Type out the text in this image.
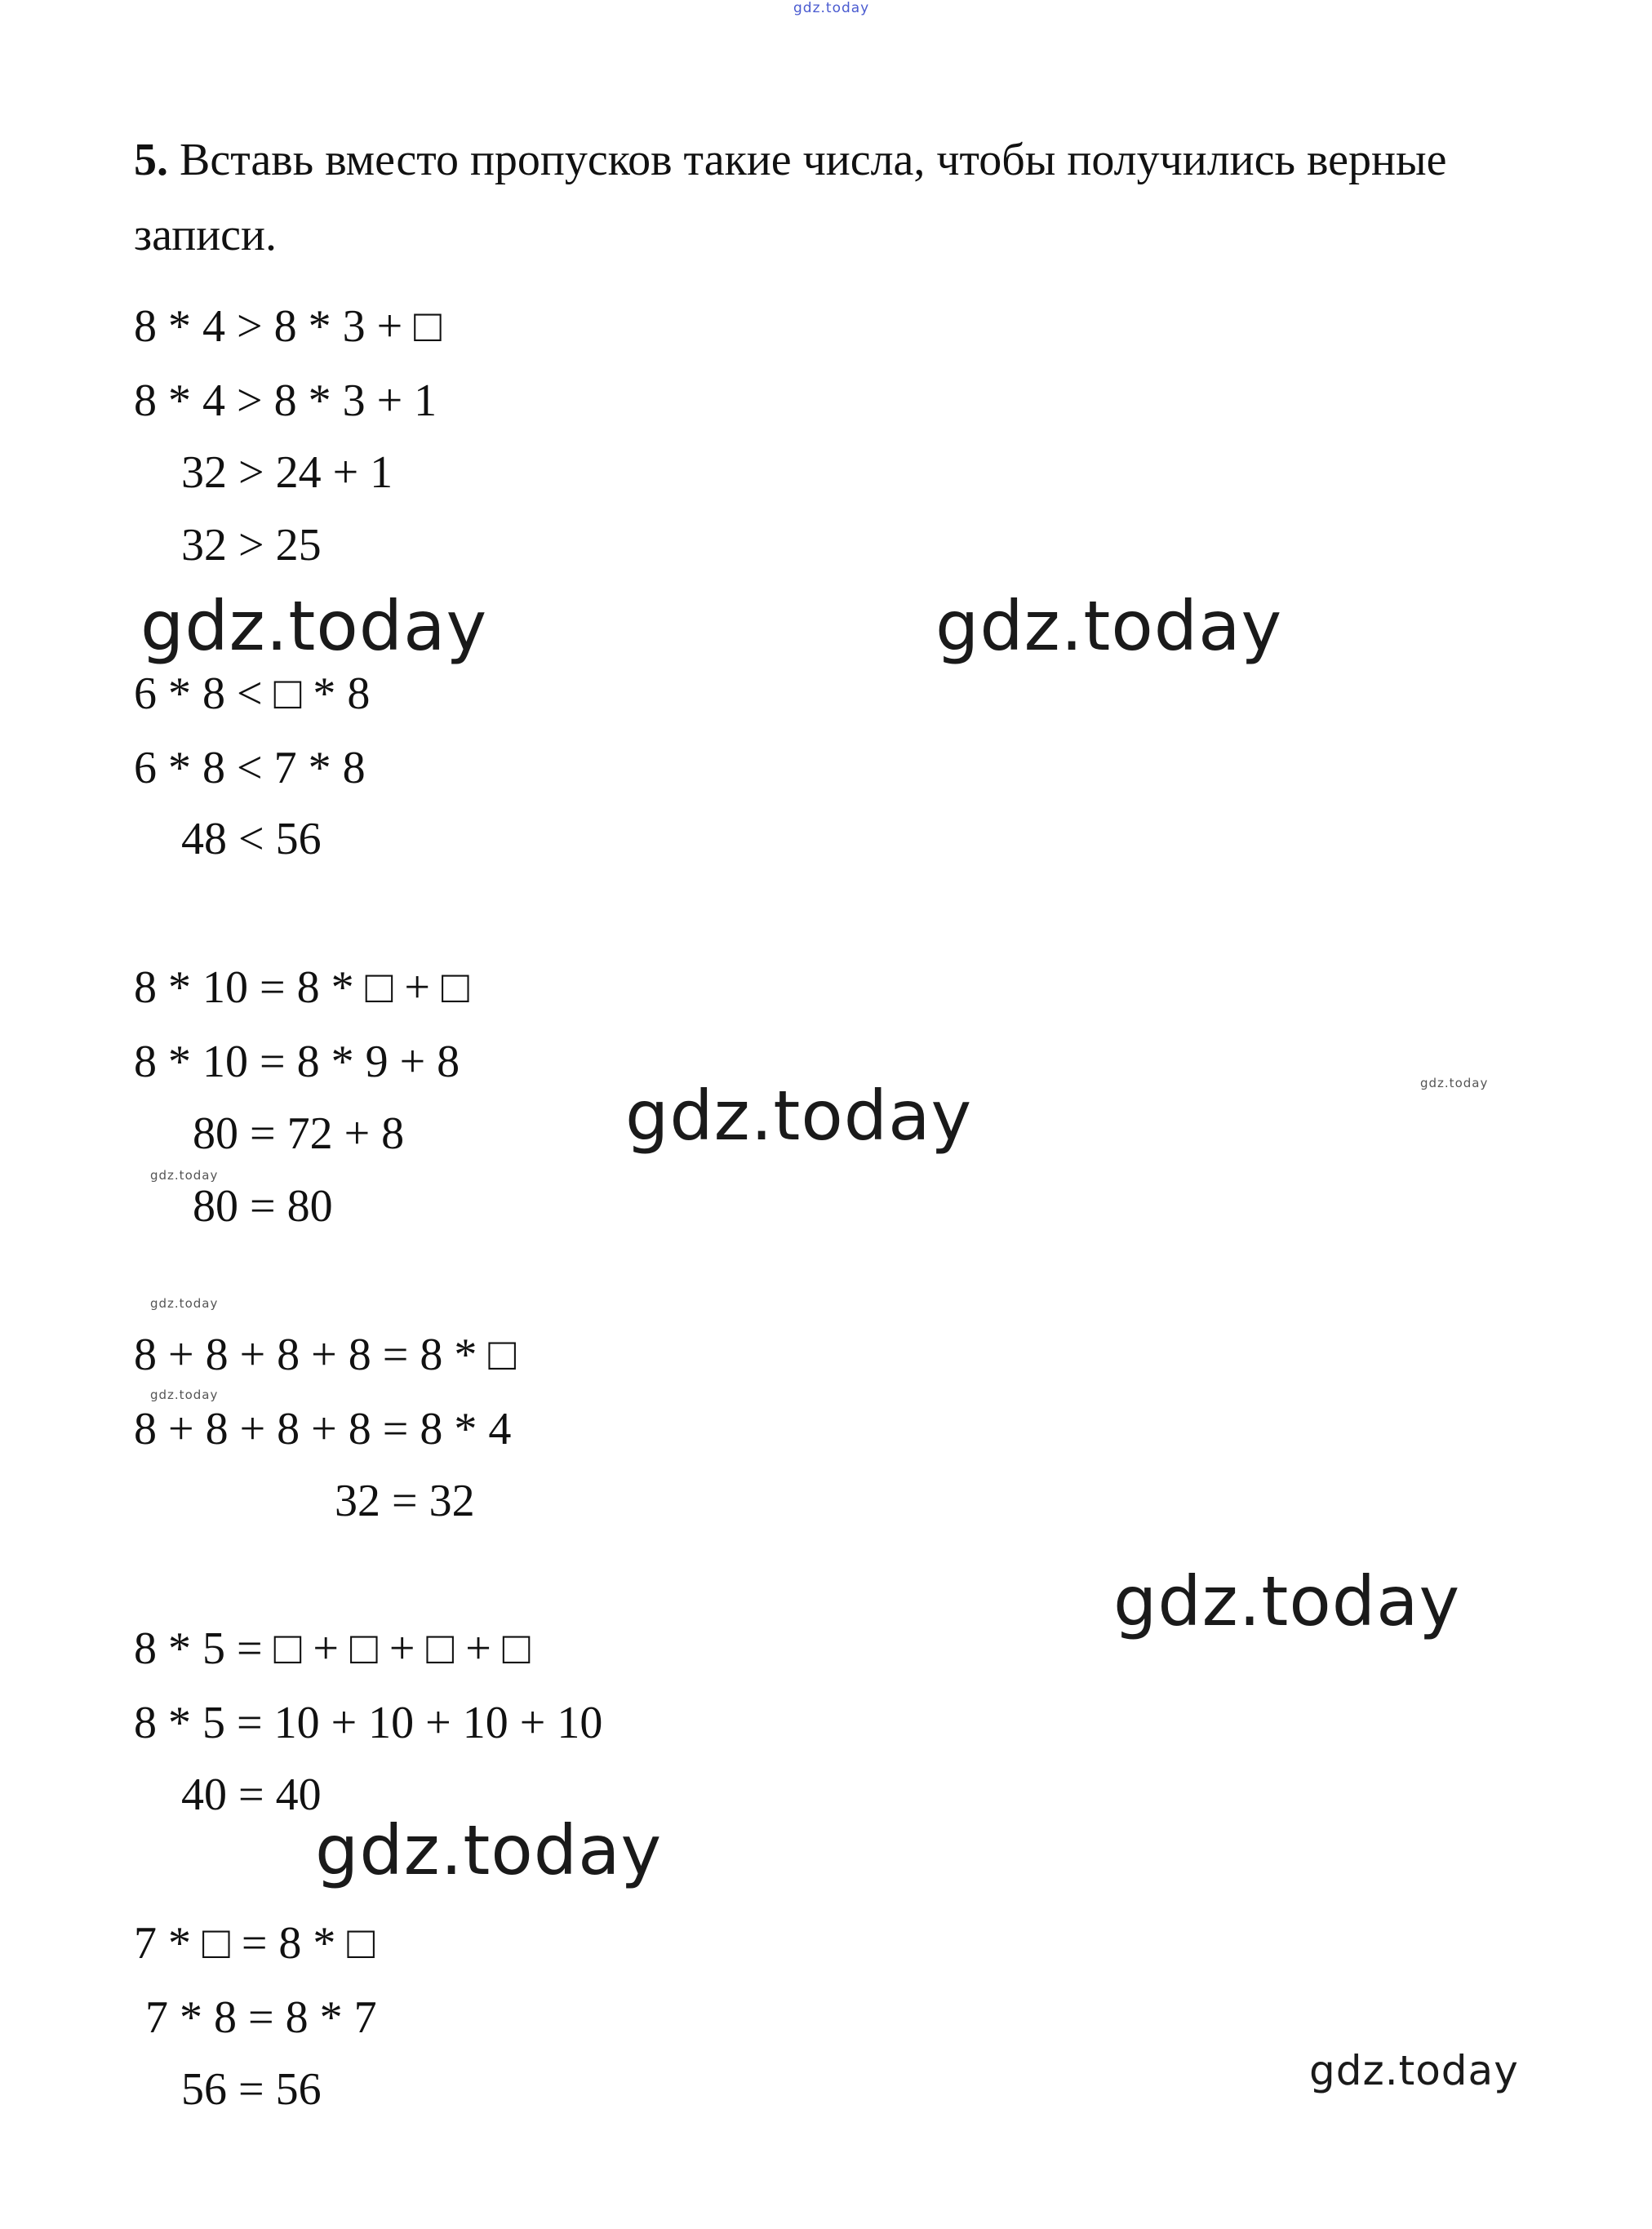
gdz.today
5. Вставь вместо пропусков такие числа, чтобы получились верные записи.
8 * 4 > 8 * 3 + □
8 * 4 > 8 * 3 + 1
32 > 24 + 1
32 > 25
6 * 8 < □ * 8
6 * 8 < 7 * 8
48 < 56
8 * 10 = 8 * □ + □
8 * 10 = 8 * 9 + 8
80 = 72 + 8
80 = 80
8 + 8 + 8 + 8 = 8 * □
8 + 8 + 8 + 8 = 8 * 4
32 = 32
8 * 5 = □ + □ + □ + □
8 * 5 = 10 + 10 + 10 + 10
40 = 40
7 * □ = 8 * □
7 * 8 = 8 * 7
56 = 56
gdz.today	gdz.today
gdz.today
gdz.today
gdz.today
gdz.today
gdz.today
gdz.today
gdz.today
gdz.today
